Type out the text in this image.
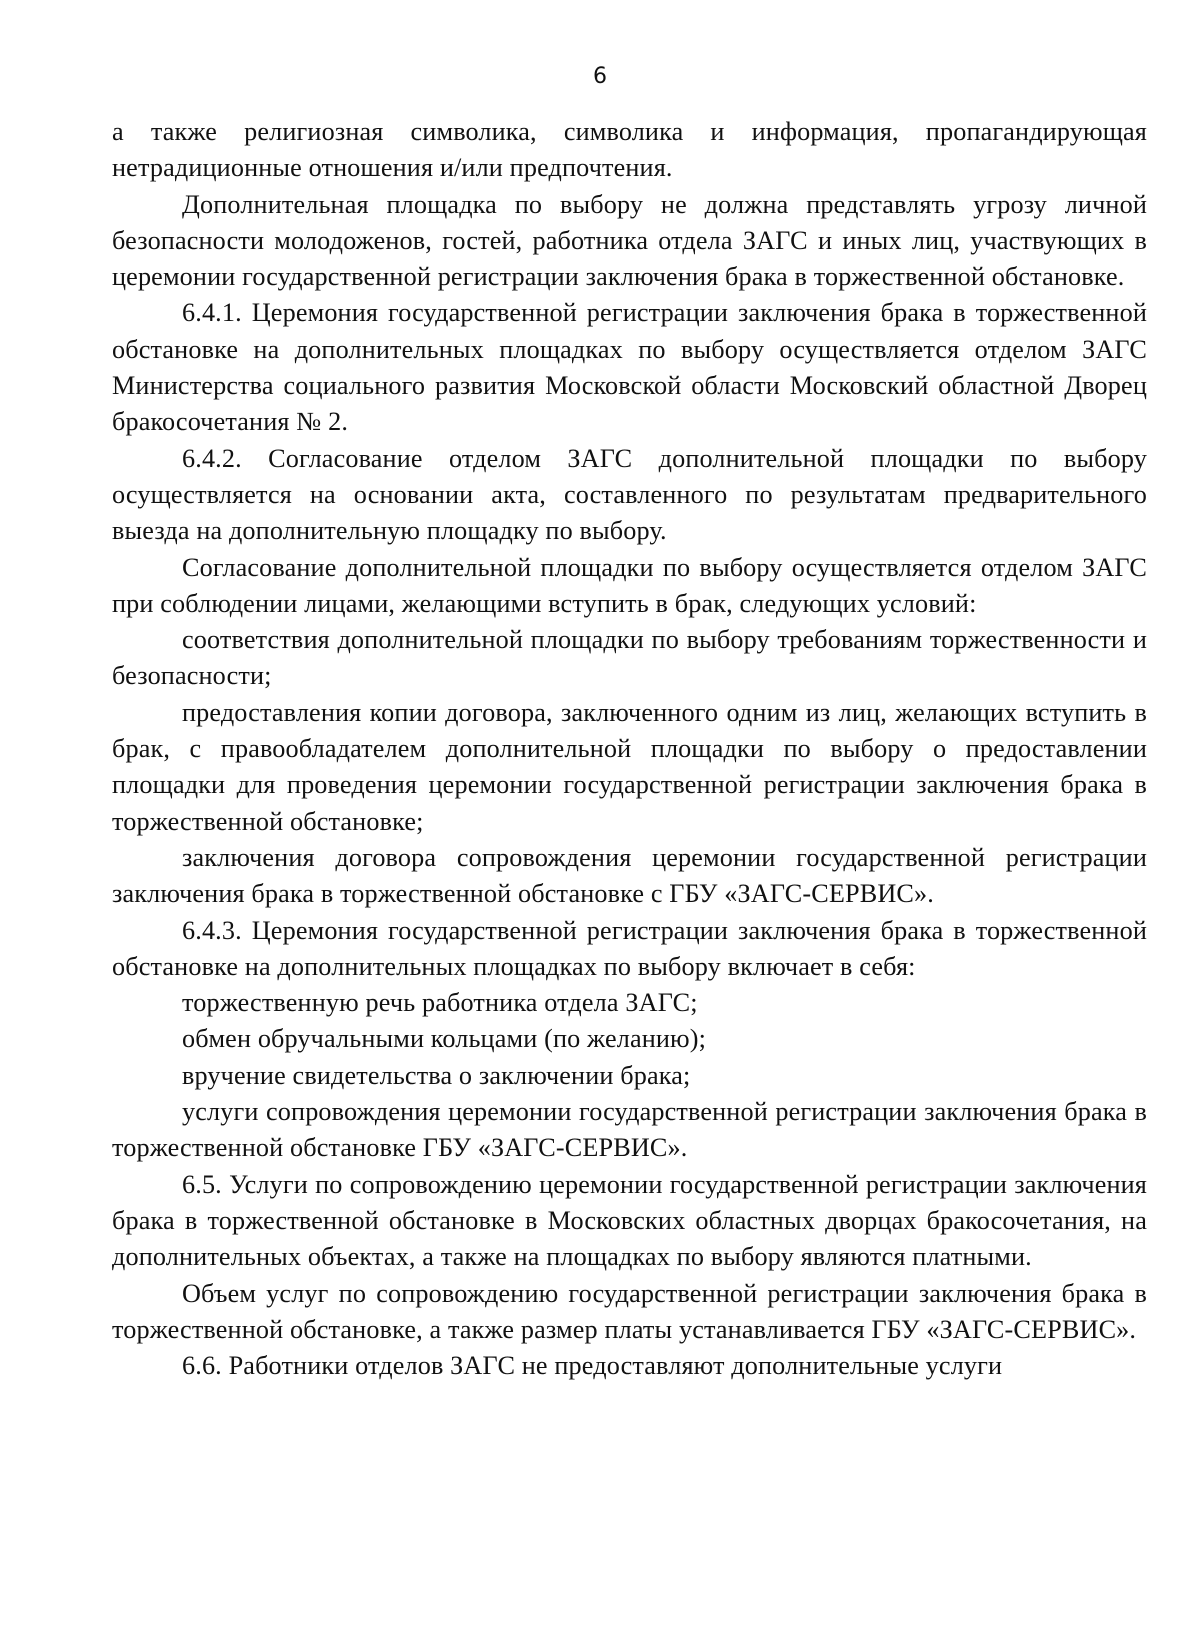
6

а также религиозная символика, символика и информация, пропагандирующая нетрадиционные отношения и/или предпочтения.

Дополнительная площадка по выбору не должна представлять угрозу личной безопасности молодоженов, гостей, работника отдела ЗАГС и иных лиц, участвующих в церемонии государственной регистрации заключения брака в торжественной обстановке.

6.4.1. Церемония государственной регистрации заключения брака в торжественной обстановке на дополнительных площадках по выбору осуществляется отделом ЗАГС Министерства социального развития Московской области Московский областной Дворец бракосочетания № 2.

6.4.2. Согласование отделом ЗАГС дополнительной площадки по выбору осуществляется на основании акта, составленного по результатам предварительного выезда на дополнительную площадку по выбору.

Согласование дополнительной площадки по выбору осуществляется отделом ЗАГС при соблюдении лицами, желающими вступить в брак, следующих условий:

соответствия дополнительной площадки по выбору требованиям торжественности и безопасности;

предоставления копии договора, заключенного одним из лиц, желающих вступить в брак, с правообладателем дополнительной площадки по выбору о предоставлении площадки для проведения церемонии государственной регистрации заключения брака в торжественной обстановке;

заключения договора сопровождения церемонии государственной регистрации заключения брака в торжественной обстановке с ГБУ «ЗАГС-СЕРВИС».

6.4.3. Церемония государственной регистрации заключения брака в торжественной обстановке на дополнительных площадках по выбору включает в себя:

торжественную речь работника отдела ЗАГС;

обмен обручальными кольцами (по желанию);

вручение свидетельства о заключении брака;

услуги сопровождения церемонии государственной регистрации заключения брака в торжественной обстановке ГБУ «ЗАГС-СЕРВИС».

6.5. Услуги по сопровождению церемонии государственной регистрации заключения брака в торжественной обстановке в Московских областных дворцах бракосочетания, на дополнительных объектах, а также на площадках по выбору являются платными.

Объем услуг по сопровождению государственной регистрации заключения брака в торжественной обстановке, а также размер платы устанавливается ГБУ «ЗАГС-СЕРВИС».

6.6. Работники отделов ЗАГС не предоставляют дополнительные услуги
